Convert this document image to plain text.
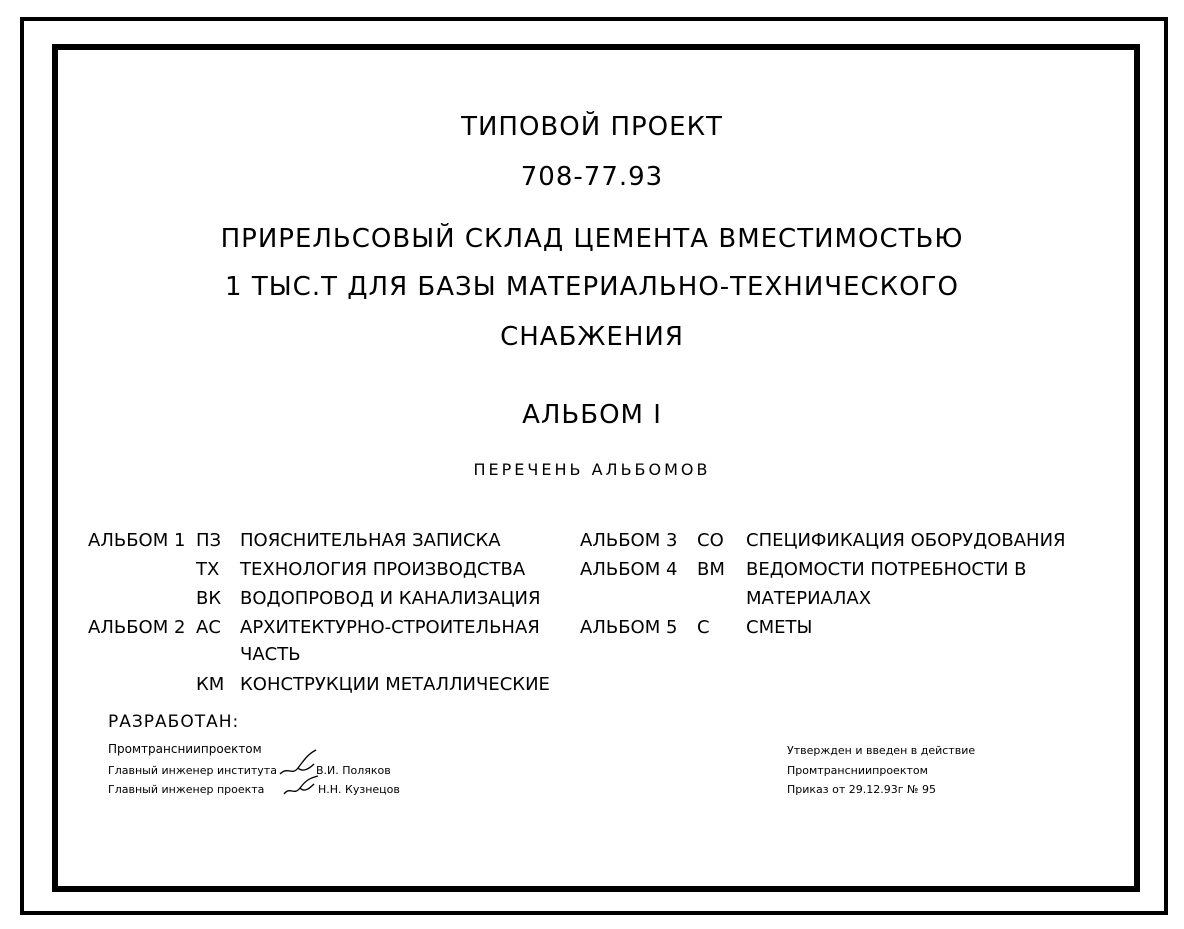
ТИПОВОЙ ПРОЕКТ
708-77.93
ПРИРЕЛЬСОВЫЙ СКЛАД ЦЕМЕНТА ВМЕСТИМОСТЬЮ
1 ТЫС.Т ДЛЯ БАЗЫ МАТЕРИАЛЬНО-ТЕХНИЧЕСКОГО
СНАБЖЕНИЯ
АЛЬБОМ I
ПЕРЕЧЕНЬ АЛЬБОМОВ
АЛЬБОМ 1 ПЗ ПОЯСНИТЕЛЬНАЯ ЗАПИСКА
ТХ ТЕХНОЛОГИЯ ПРОИЗВОДСТВА
ВК ВОДОПРОВОД И КАНАЛИЗАЦИЯ
АЛЬБОМ 2 АС АРХИТЕКТУРНО-СТРОИТЕЛЬНАЯ
ЧАСТЬ
КМ КОНСТРУКЦИИ МЕТАЛЛИЧЕСКИЕ
АЛЬБОМ 3 СО СПЕЦИФИКАЦИЯ ОБОРУДОВАНИЯ
АЛЬБОМ 4 ВМ ВЕДОМОСТИ ПОТРЕБНОСТИ В
МАТЕРИАЛАХ
АЛЬБОМ 5 С СМЕТЫ
РАЗРАБОТАН:
Промтрансниипроектом
Главный инженер института	В.И. Поляков
Главный инженер проекта	Н.Н. Кузнецов
Утвержден и введен в действие
Промтрансниипроектом
Приказ от 29.12.93г № 95
